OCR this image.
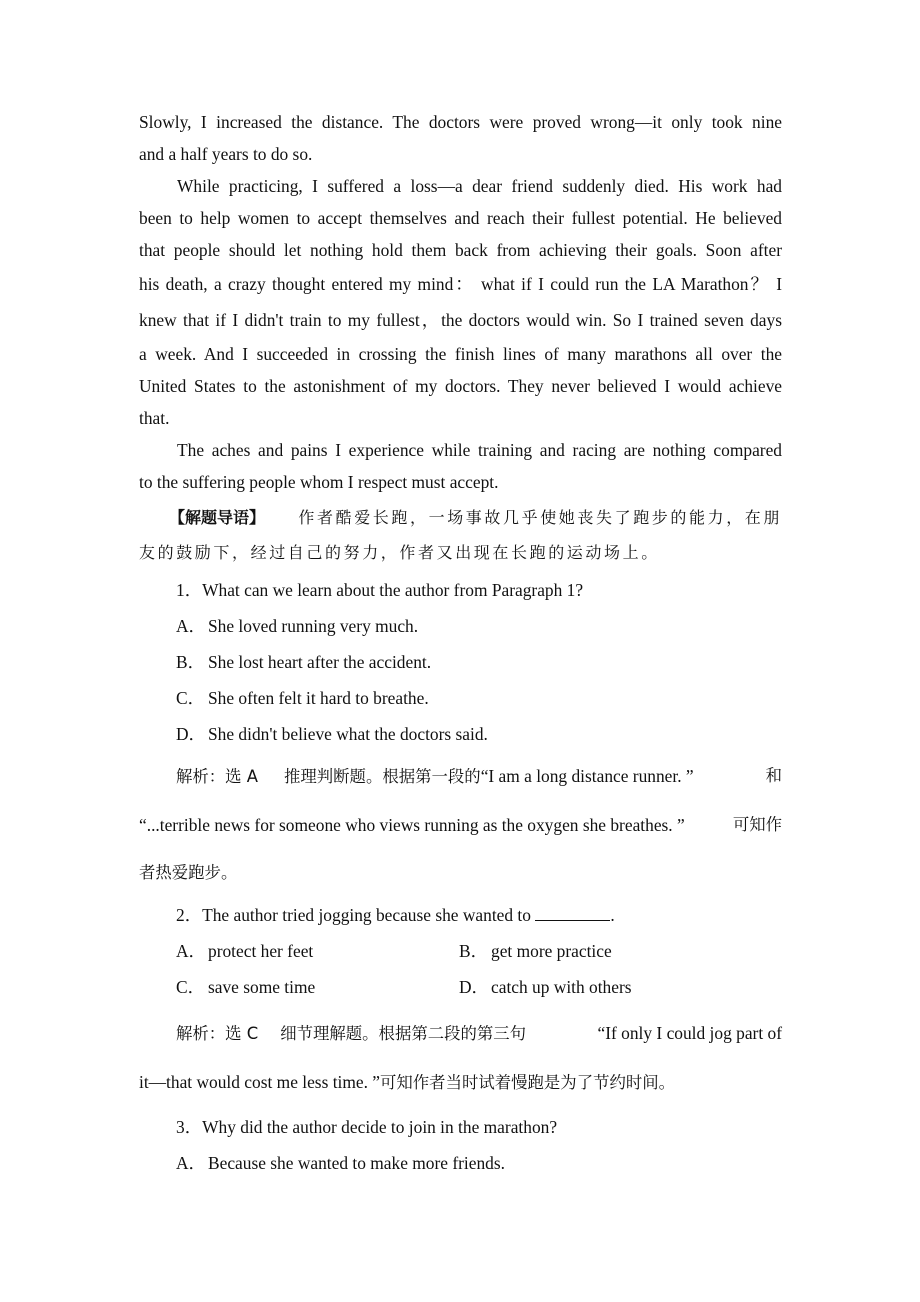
Slowly, I increased the distance. The doctors were proved wrong—it only took nine
and a half years to do so.
While practicing, I suffered a loss—a dear friend suddenly died. His work had
been to help women to accept themselves and reach their fullest potential. He believed
that people should let nothing hold them back from achieving their goals. Soon after
his death, a crazy thought entered my mind： what if I could run the LA Marathon？ I
knew that if I didn't train to my fullest，the doctors would win. So I trained seven days
a week. And I succeeded in crossing the finish lines of many marathons all over the
United States to the astonishment of my doctors. They never believed I would achieve
that.
The aches and pains I experience while training and racing are nothing compared
to the suffering people whom I respect must accept.
【解题导语】	作者酷爱长跑，一场事故几乎使她丧失了跑步的能力，在朋
友的鼓励下，经过自己的努力，作者又出现在长跑的运动场上。

1．What can we learn about the author from Paragraph 1?

A． She loved running very much.

B． She lost heart after the accident.

C． She often felt it hard to breathe.

D． She didn't believe what the doctors said.

解析：选 A 推理判断题。根据第一段的“I am a long distance runner. ”	和
“...terrible news for someone who views running as the oxygen she breathes. ”	可知作
者热爱跑步。

2．The author tried jogging because she wanted to	.

A． protect her feet	B． get more practice
C． save some time	D． catch up with others
解析：选 C 细节理解题。根据第二段的第三句	“If only I could jog part of
it—that would cost me less time. ”可知作者当时试着慢跑是为了节约时间。

3．Why did the author decide to join in the marathon?

A． Because she wanted to make more friends.
